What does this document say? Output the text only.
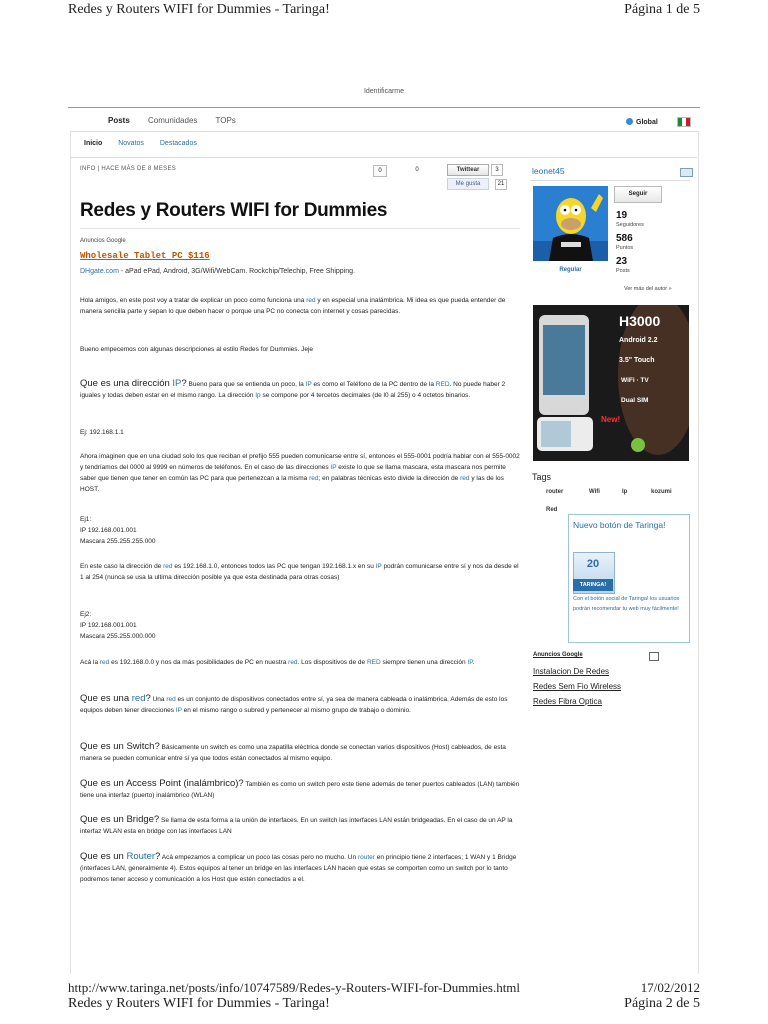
Redes y Routers WIFI for Dummies - Taringa!	Página 1 de 5
http://www.taringa.net/posts/info/10747589/Redes-y-Routers-WIFI-for-Dummies.html	17/02/2012
Redes y Routers WIFI for Dummies - Taringa!	Página 2 de 5
Identificarme
Posts Comunidades TOPs	Global
Inicio Novatos Destacados
INFO | HACE MÁS DE 8 MESES	0	0	Twittear	3
Me gusta	21
Redes y Routers WIFI for Dummies
Anuncios Google
Wholesale Tablet PC $116
DHgate.com - aPad ePad, Android, 3G/Wifi/WebCam. Rockchip/Telechip, Free Shipping.
Hola amigos, en este post voy a tratar de explicar un poco como funciona una red y en especial una inalámbrica. Mi idea es que pueda entender de manera sencilla parte y sepan lo que deben hacer o porque una PC no conecta con internet y cosas parecidas.
Bueno empecemos con algunas descripciones al estilo Redes for Dummies. Jeje
Que es una dirección IP? Bueno para que se entienda un poco, la IP es como el Teléfono de la PC dentro de la RED. No puede haber 2 iguales y todas deben estar en el mismo rango. La dirección Ip se compone por 4 tercetos decimales (de l0 al 255) o 4 octetos binarios.
Ej: 192.168.1.1
Ahora imaginen que en una ciudad solo los que reciban el prefijo 555 pueden comunicarse entre sí, entonces el 555-0001 podría hablar con el 555-0002 y tendríamos del 0000 al 9999 en números de teléfonos. En el caso de las direcciones IP existe lo que se llama mascara, esta mascara nos permite saber que tienen que tener en común las PC para que pertenezcan a la misma red; en palabras técnicas esto divide la dirección de red y las de los HOST.
Ej1:
IP 192.168.001.001
Mascara 255.255.255.000
En este caso la dirección de red es 192.168.1.0, entonces todos las PC que tengan 192.168.1.x en su IP podrán comunicarse entre sí y nos da desde el 1 al 254 (nunca se usa la ultima dirección posible ya que esta destinada para otras cosas)
Ej2:
IP 192.168.001.001
Mascara 255.255.000.000
Acá la red es 192.168.0.0 y nos da más posibilidades de PC en nuestra red. Los dispositivos de de RED siempre tienen una dirección IP.
Que es una red? Una red es un conjunto de dispositivos conectados entre sí, ya sea de manera cableada o inalámbrica. Además de esto los equipos deben tener direcciones IP en el mismo rango o subred y pertenecer al mismo grupo de trabajo o dominio.
Que es un Switch? Básicamente un switch es como una zapatilla eléctrica donde se conectan varios dispositivos (Host) cableados, de esta manera se pueden comunicar entre sí ya que todos están conectados al mismo equipo.
Que es un Access Point (inalámbrico)? También es como un switch pero este tiene además de tener puertos cableados (LAN) también tiene una interfaz (puerto) inalámbrico (WLAN)
Que es un Bridge? Se llama de esta forma a la unión de interfaces. En un switch las interfaces LAN están bridgeadas. En el caso de un AP la interfaz WLAN esta en bridge con las interfaces LAN
Que es un Router? Acá empezamos a complicar un poco las cosas pero no mucho. Un router en principio tiene 2 interfaces; 1 WAN y 1 Bridge (interfaces LAN, generalmente 4). Estos equipos al tener un bridge en las interfaces LAN hacen que estas se comporten como un switch por lo tanto podremos tener acceso y comunicación a los Host que estén conectados a el.
leonet45
Regular
Seguir
19
Seguidores
586
Puntos
23
Posts
Ver más del autor »
H3000
Android 2.2
3.5" Touch
WiFi · TV
Dual SIM
New!
Tags
router	Wifi	Ip	kozumi
Red
Nuevo botón de Taringa!
20
TARINGA!
Con el botón social de Taringa! los usuarios podrán recomendar tu web muy fácilmente!
Anuncios Google
Instalacion De Redes
Redes Sem Fio Wireless
Redes Fibra Optica
